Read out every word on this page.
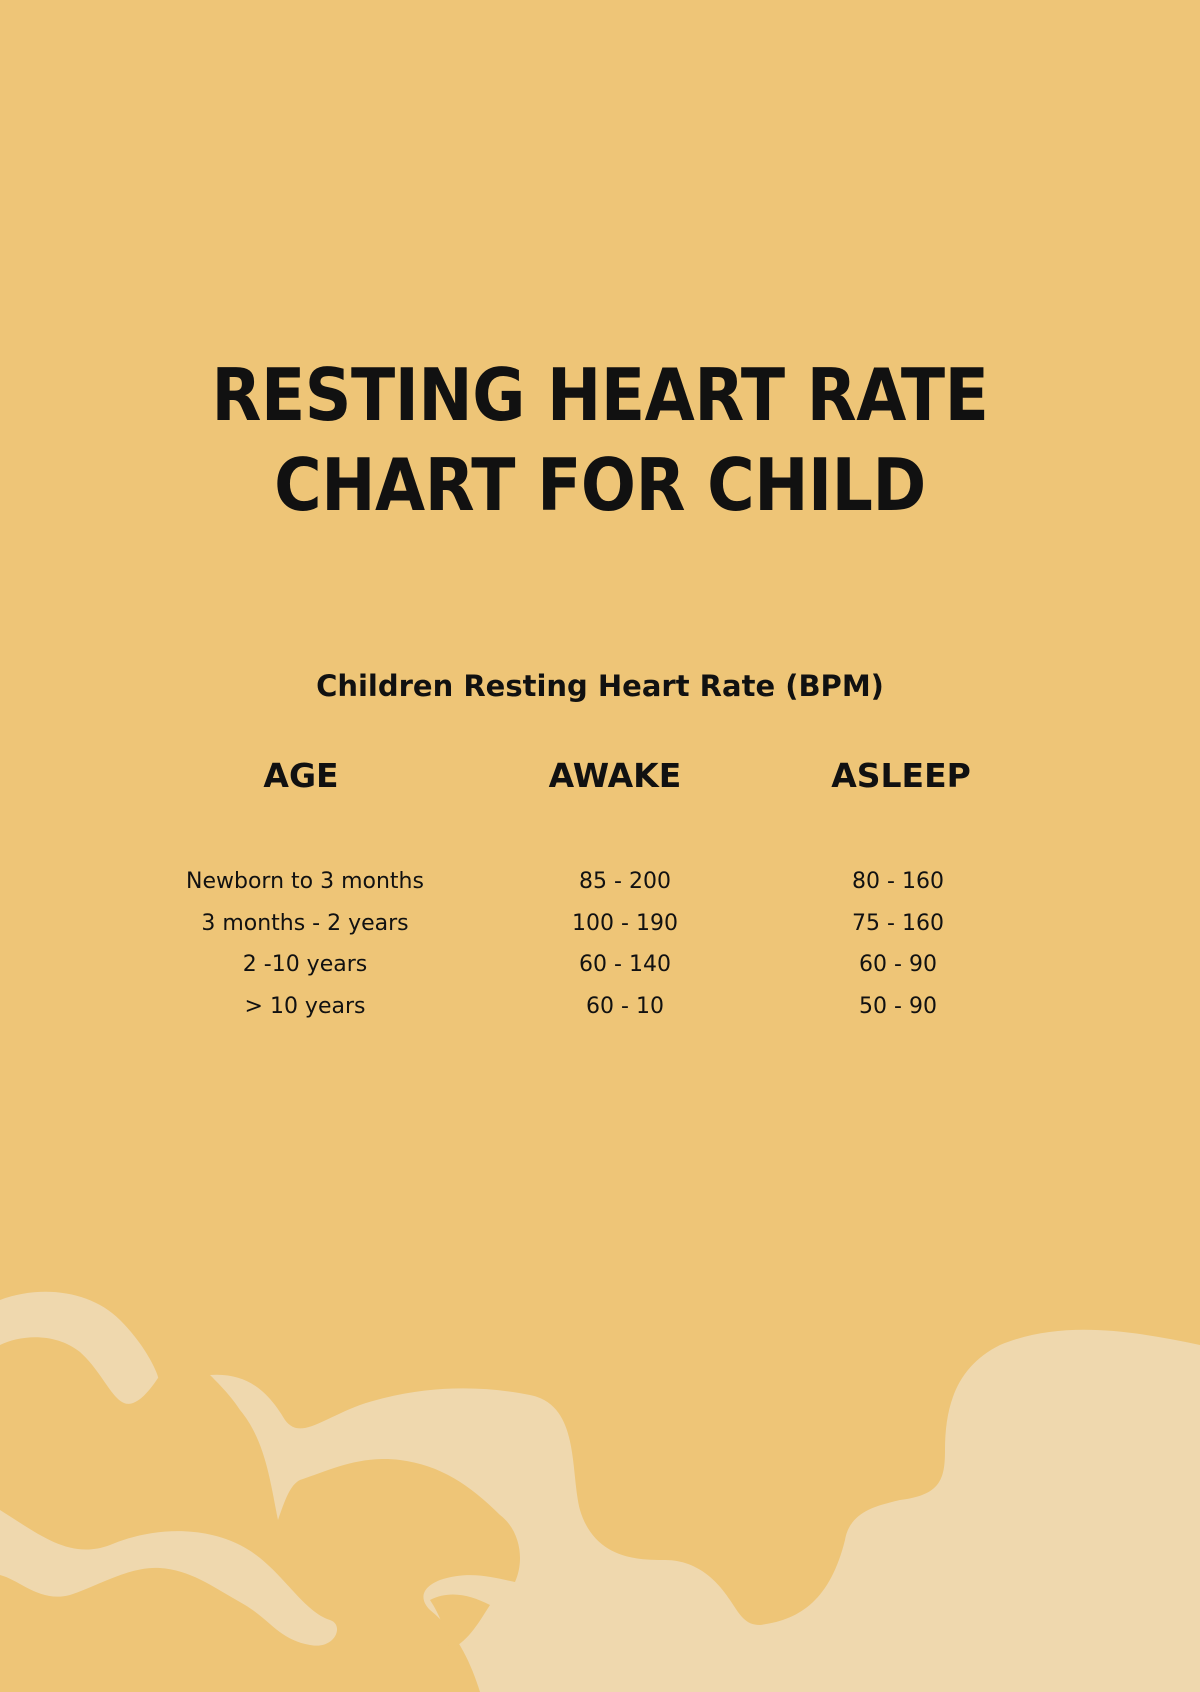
RESTING HEART RATE
CHART FOR CHILD
Children Resting Heart Rate (BPM)
AGE	AWAKE	ASLEEP
Newborn to 3 months	85 - 200	80 - 160
3 months - 2 years	100 - 190	75 - 160
2 -10 years	60 - 140	60 - 90
> 10 years	60 - 10	50 - 90
